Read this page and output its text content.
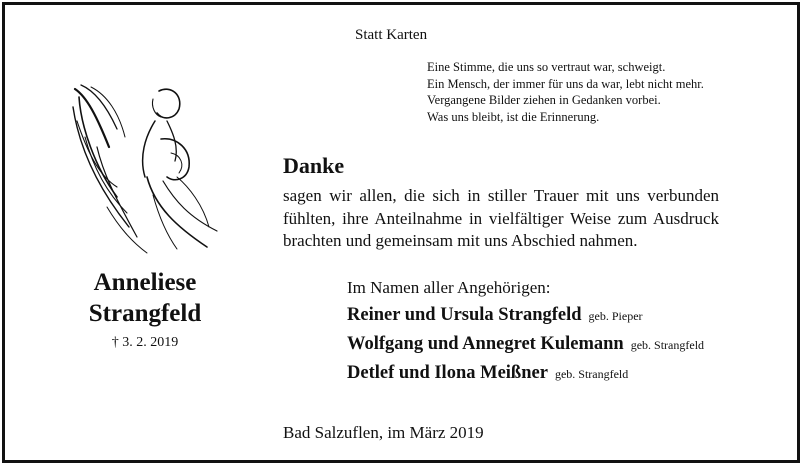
Statt Karten
Eine Stimme, die uns so vertraut war, schweigt.
Ein Mensch, der immer für uns da war, lebt nicht mehr.
Vergangene Bilder ziehen in Gedanken vorbei.
Was uns bleibt, ist die Erinnerung.
Anneliese
Strangfeld
† 3. 2. 2019
Danke
sagen wir allen, die sich in stiller Trauer mit uns verbunden
fühlten, ihre Anteilnahme in vielfältiger Weise zum Ausdruck
brachten und gemeinsam mit uns Abschied nahmen.
Im Namen aller Angehörigen:
Reiner und Ursula Strangfeld geb. Pieper
Wolfgang und Annegret Kulemann geb. Strangfeld
Detlef und Ilona Meißner geb. Strangfeld
Bad Salzuflen, im März 2019
